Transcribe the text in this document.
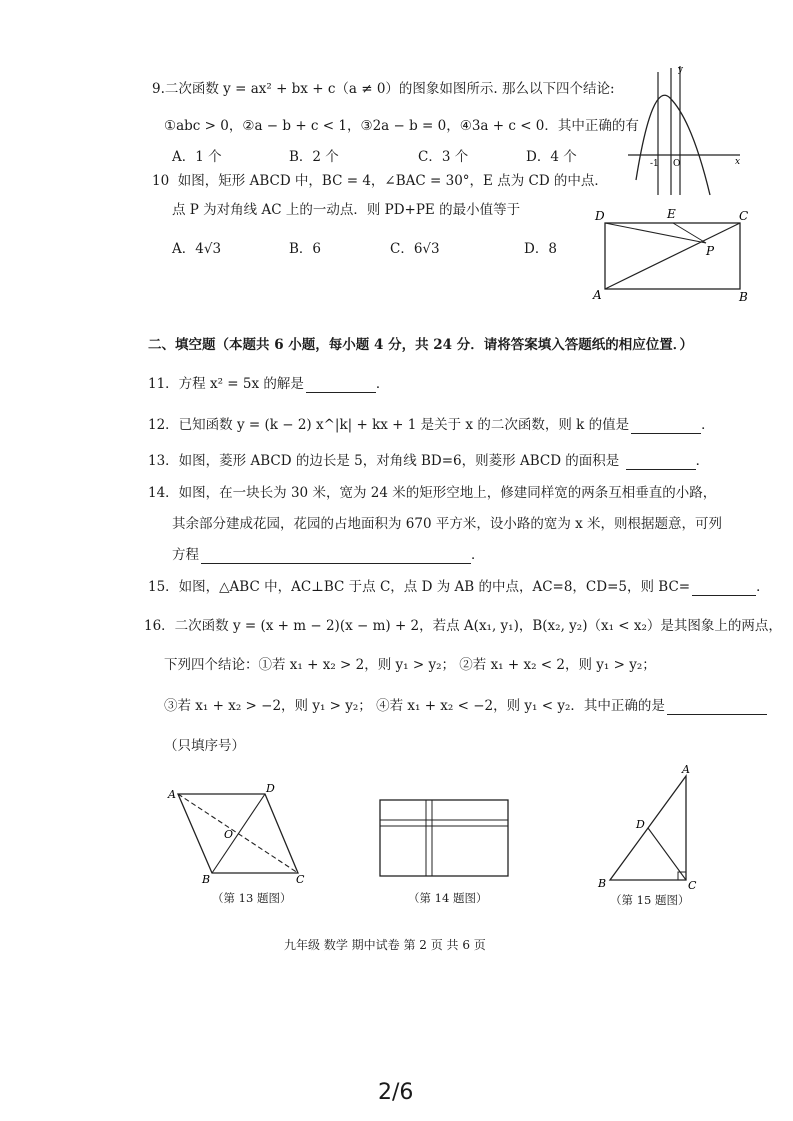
9.二次函数 y = ax² + bx + c（a ≠ 0）的图象如图所示. 那么以下四个结论:
①abc > 0，②a − b + c < 1，③2a − b = 0，④3a + c < 0．其中正确的有
A．1 个	B．2 个	C．3 个	D．4 个
y
x
-1 O
10 如图，矩形 ABCD 中，BC = 4，∠BAC = 30°，E 点为 CD 的中点．
点 P 为对角线 AC 上的一动点．则 PD+PE 的最小值等于
A．4√3	B．6	C．6√3	D．8
D	E	C
P
A	B
二、填空题（本题共 6 小题，每小题 4 分，共 24 分．请将答案填入答题纸的相应位置．）
11．方程 x² = 5x 的解是	．
12．已知函数 y = (k − 2) x^|k| + kx + 1 是关于 x 的二次函数，则 k 的值是	．
13．如图，菱形 ABCD 的边长是 5，对角线 BD=6，则菱形 ABCD 的面积是	．
14．如图，在一块长为 30 米，宽为 24 米的矩形空地上，修建同样宽的两条互相垂直的小路，
其余部分建成花园，花园的占地面积为 670 平方米，设小路的宽为 x 米，则根据题意，可列
方程	．
15．如图，△ABC 中，AC⊥BC 于点 C，点 D 为 AB 的中点，AC=8，CD=5，则 BC=	．
16．二次函数 y = (x + m − 2)(x − m) + 2，若点 A(x₁, y₁)，B(x₂, y₂)（x₁ < x₂）是其图象上的两点，
下列四个结论：①若 x₁ + x₂ > 2，则 y₁ > y₂； ②若 x₁ + x₂ < 2，则 y₁ > y₂；
③若 x₁ + x₂ > −2，则 y₁ > y₂； ④若 x₁ + x₂ < −2，则 y₁ < y₂．其中正确的是
（只填序号）
A	D
O
B	C
（第 13 题图）	（第 14 题图）
A
D
B	C
（第 15 题图）
九年级 数学 期中试卷 第 2 页 共 6 页
2/6
